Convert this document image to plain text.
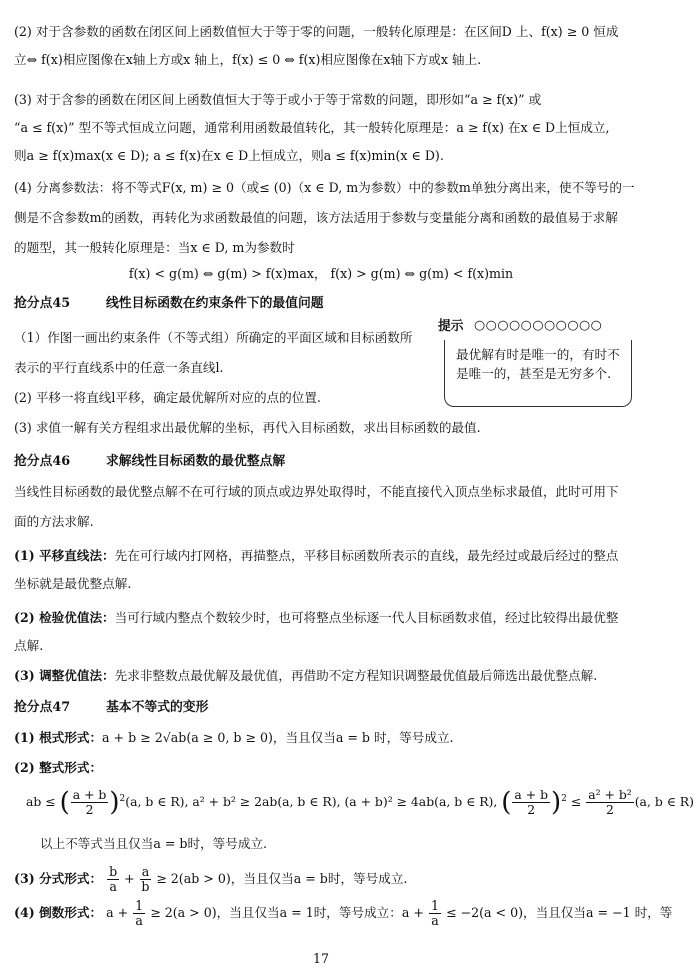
(2) 对于含参数的函数在闭区间上函数值恒大于等于零的问题，一般转化原理是：在区间D 上、f(x) ≥ 0 恒成
立⇔ f(x)相应图像在x轴上方或x 轴上，f(x) ≤ 0 ⇔ f(x)相应图像在x轴下方或x 轴上.
(3) 对于含参的函数在闭区间上函数值恒大于等于或小于等于常数的问题，即形如“a ≥ f(x)” 或
“a ≤ f(x)” 型不等式恒成立问题，通常利用函数最值转化，其一般转化原理是：a ≥ f(x) 在x ∈ D上恒成立,
则a ≥ f(x)max(x ∈ D); a ≤ f(x)在x ∈ D上恒成立，则a ≤ f(x)min(x ∈ D).
(4) 分离参数法：将不等式F(x, m) ≥ 0（或≤ (0)（x ∈ D, m为参数）中的参数m单独分离出来，使不等号的一
侧是不含参数m的函数，再转化为求函数最值的问题，该方法适用于参数与变量能分离和函数的最值易于求解
的题型，其一般转化原理是：当x ∈ D, m为参数时
f(x) < g(m) ⇔ g(m) > f(x)max， f(x) > g(m) ⇔ g(m) < f(x)min
抢分点45	线性目标函数在约束条件下的最值问题
（1）作图一画出约束条件（不等式组）所确定的平面区域和目标函数所
表示的平行直线系中的任意一条直线l.
(2) 平移一将直线l平移，确定最优解所对应的点的位置.
(3) 求值一解有关方程组求出最优解的坐标，再代入目标函数，求出目标函数的最值.
提示 ○○○○○○○○○○○
最优解有时是唯一的，有时不是唯一的，甚至是无穷多个.
抢分点46	求解线性目标函数的最优整点解
当线性目标函数的最优整点解不在可行域的顶点或边界处取得时，不能直接代入顶点坐标求最值，此时可用下
面的方法求解.
(1) 平移直线法：先在可行域内打网格，再描整点，平移目标函数所表示的直线，最先经过或最后经过的整点
坐标就是最优整点解.
(2) 检验优值法：当可行域内整点个数较少时，也可将整点坐标逐一代人目标函数求值，经过比较得出最优整
点解.
(3) 调整优值法：先求非整数点最优解及最优值，再借助不定方程知识调整最优值最后筛选出最优整点解.
抢分点47	基本不等式的变形
(1) 根式形式：a + b ≥ 2√ab(a ≥ 0, b ≥ 0)，当且仅当a = b 时，等号成立.
(2) 整式形式：
ab ≤ ( $\frac{a + b}{2} )^2(a$, b ∈ R), a² + b² ≥ 2ab(a, b ∈ R), (a + b)² ≥ 4ab(a, b ∈ R), ( $\frac{a + b}{2} )^2 \le \frac{\text{a² + b²}}{2} (a$, b ∈ R)
以上不等式当且仅当a = b时，等号成立.
(3) 分式形式： $\frac{b}{a} + \frac{a}{b} \ge 2(ab > 0)$，当且仅当a = b时，等号成立.
(4) 倒数形式： $a + \frac{1}{a} \ge 2(a > 0)$，当且仅当a = 1时，等号成立：$a + \frac{1}{a} \le -2(a < 0)$，当且仅当a = −1 时，等
17
